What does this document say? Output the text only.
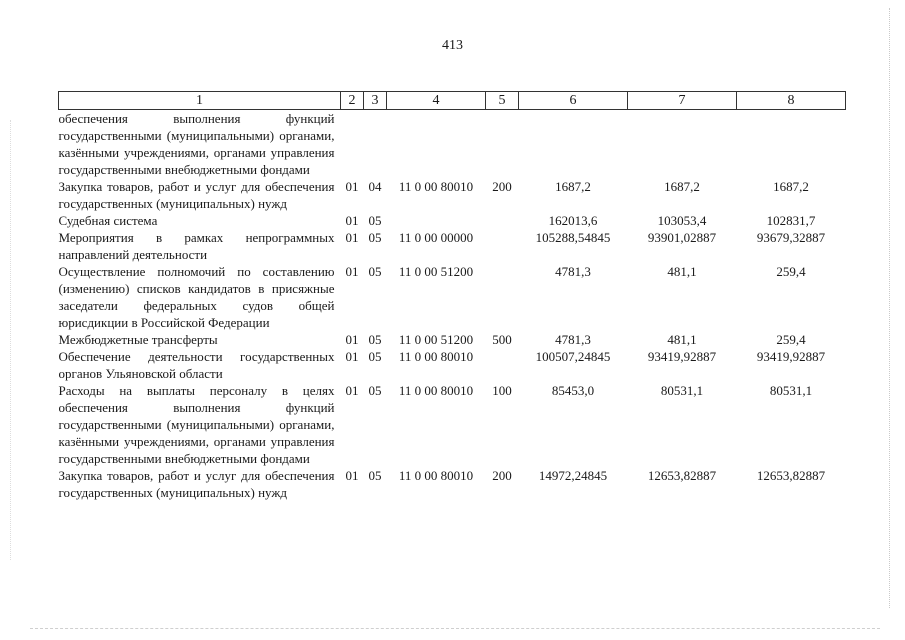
413
1	2	3	4	5	6	7	8
обеспечения выполнения функций государственными (муниципальными) органами, казёнными учреждениями, органами управления государственными внебюджетными фондами							
Закупка товаров, работ и услуг для обеспечения государственных (муниципальных) нужд	01	04	11 0 00 80010	200	1687,2	1687,2	1687,2
Судебная система	01	05			162013,6	103053,4	102831,7
Мероприятия в рамках непрограммных направлений деятельности	01	05	11 0 00 00000		105288,54845	93901,02887	93679,32887
Осуществление полномочий по составлению (изменению) списков кандидатов в присяжные заседатели федеральных судов общей юрисдикции в Российской Федерации	01	05	11 0 00 51200		4781,3	481,1	259,4
Межбюджетные трансферты	01	05	11 0 00 51200	500	4781,3	481,1	259,4
Обеспечение деятельности государственных органов Ульяновской области	01	05	11 0 00 80010		100507,24845	93419,92887	93419,92887
Расходы на выплаты персоналу в целях обеспечения выполнения функций государственными (муниципальными) органами, казёнными учреждениями, органами управления государственными внебюджетными фондами	01	05	11 0 00 80010	100	85453,0	80531,1	80531,1
Закупка товаров, работ и услуг для обеспечения государственных (муниципальных) нужд	01	05	11 0 00 80010	200	14972,24845	12653,82887	12653,82887
